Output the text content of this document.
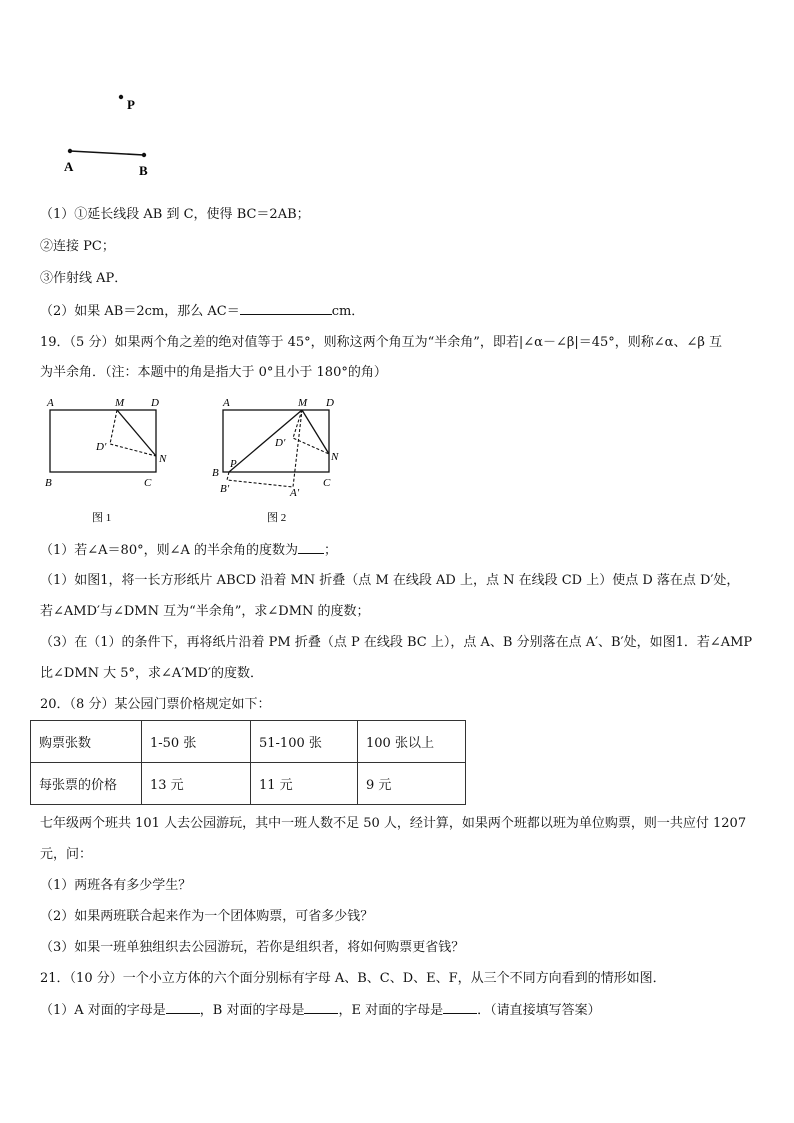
P
A	B
（1）①延长线段 AB 到 C，使得 BC＝2AB；
②连接 PC；
③作射线 AP．
（2）如果 AB＝2cm，那么 AC＝	cm．
19．（5 分）如果两个角之差的绝对值等于 45°，则称这两个角互为“半余角”，即若|∠α－∠β|＝45°，则称∠α、∠β 互
为半余角．（注：本题中的角是指大于 0°且小于 180°的角）
A	M D
D′
N
B	C
图 1
A	M D
D′
N
B
P
C
B′	A′
图 2
（1）若∠A＝80°，则∠A 的半余角的度数为 ；
（1）如图1，将一长方形纸片 ABCD 沿着 MN 折叠（点 M 在线段 AD 上，点 N 在线段 CD 上）使点 D 落在点 D′处，
若∠AMD′与∠DMN 互为“半余角”，求∠DMN 的度数；
（3）在（1）的条件下，再将纸片沿着 PM 折叠（点 P 在线段 BC 上），点 A、B 分别落在点 A′、B′处，如图1．若∠AMP
比∠DMN 大 5°，求∠A′MD′的度数．
20．（8 分）某公园门票价格规定如下：
购票张数	1-50 张	51-100 张	100 张以上
每张票的价格	13 元	11 元	9 元
七年级两个班共 101 人去公园游玩，其中一班人数不足 50 人，经计算，如果两个班都以班为单位购票，则一共应付 1207
元，问：
（1）两班各有多少学生？
（2）如果两班联合起来作为一个团体购票，可省多少钱？
（3）如果一班单独组织去公园游玩，若你是组织者，将如何购票更省钱？
21．（10 分）一个小立方体的六个面分别标有字母 A、B、C、D、E、F，从三个不同方向看到的情形如图．
（1）A 对面的字母是	，B 对面的字母是	，E 对面的字母是	．（请直接填写答案）
